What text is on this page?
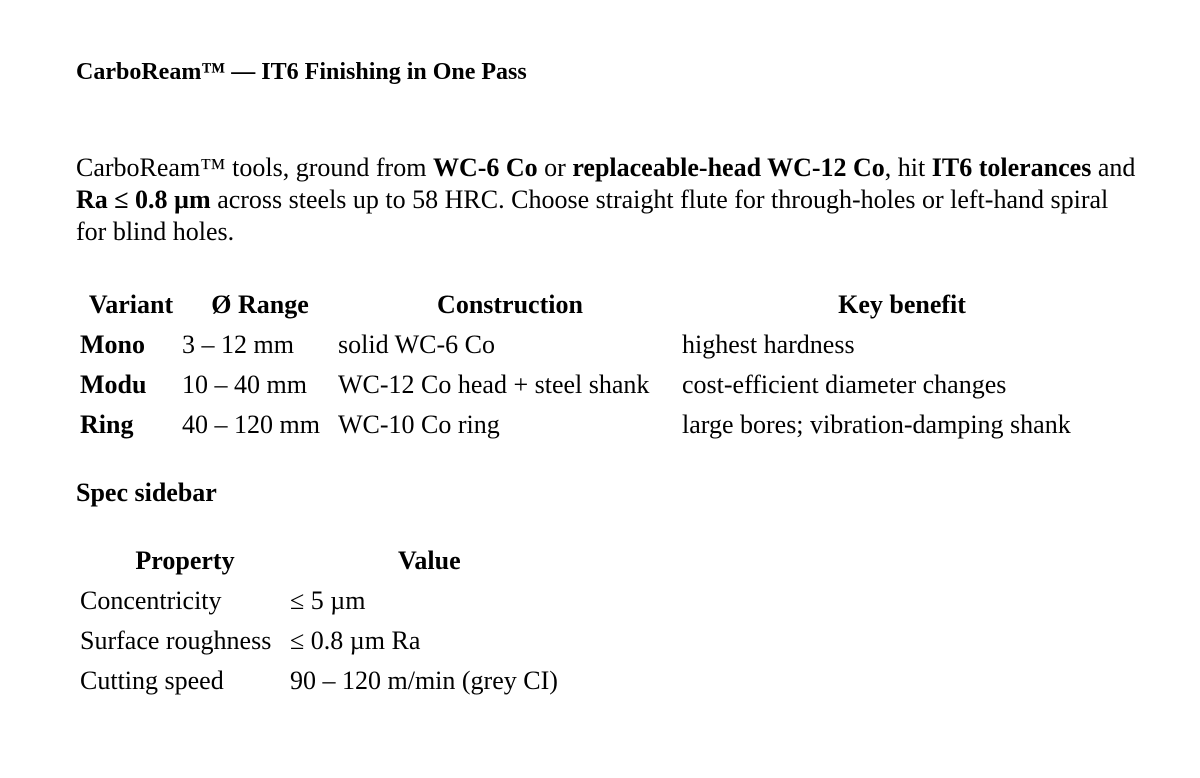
CarboReam™ — IT6 Finishing in One Pass

CarboReam™ tools, ground from WC-6 Co or replaceable-head WC-12 Co, hit IT6 tolerances and Ra ≤ 0.8 µm across steels up to 58 HRC. Choose straight flute for through-holes or left-hand spiral for blind holes.

Variant	Ø Range	Construction	Key benefit
Mono	3 – 12 mm	solid WC-6 Co	highest hardness
Modu	10 – 40 mm	WC-12 Co head + steel shank	cost-efficient diameter changes
Ring	40 – 120 mm	WC-10 Co ring	large bores; vibration-damping shank
Spec sidebar
Property	Value
Concentricity	≤ 5 µm
Surface roughness	≤ 0.8 µm Ra
Cutting speed	90 – 120 m/min (grey CI)
